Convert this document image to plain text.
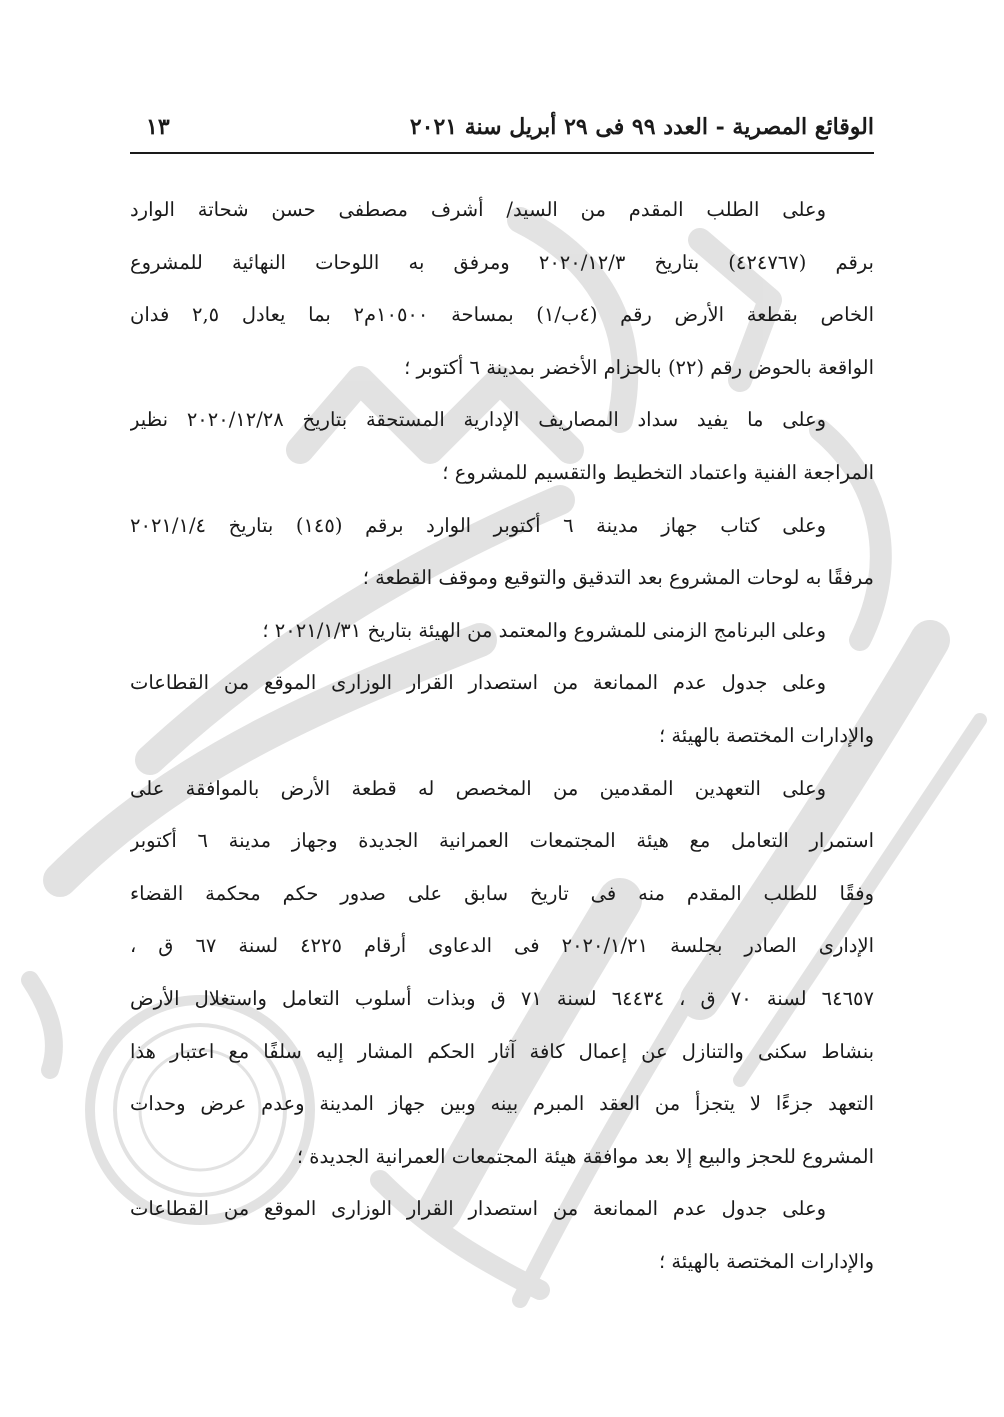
الوقائع المصرية - العدد ٩٩ فى ٢٩ أبريل سنة ٢٠٢١
١٣
وعلى الطلب المقدم من السيد/ أشرف مصطفى حسن شحاتة الوارد
برقم (٤٢٤٧٦٧) بتاريخ ٢٠٢٠/١٢/٣ ومرفق به اللوحات النهائية للمشروع
الخاص بقطعة الأرض رقم (٤ب/١) بمساحة ١٠٥٠٠م٢ بما يعادل ٢,٥ فدان
الواقعة بالحوض رقم (٢٢) بالحزام الأخضر بمدينة ٦ أكتوبر ؛
وعلى ما يفيد سداد المصاريف الإدارية المستحقة بتاريخ ٢٠٢٠/١٢/٢٨ نظير
المراجعة الفنية واعتماد التخطيط والتقسيم للمشروع ؛
وعلى كتاب جهاز مدينة ٦ أكتوبر الوارد برقم (١٤٥) بتاريخ ٢٠٢١/١/٤
مرفقًا به لوحات المشروع بعد التدقيق والتوقيع وموقف القطعة ؛
وعلى البرنامج الزمنى للمشروع والمعتمد من الهيئة بتاريخ ٢٠٢١/١/٣١ ؛
وعلى جدول عدم الممانعة من استصدار القرار الوزارى الموقع من القطاعات
والإدارات المختصة بالهيئة ؛
وعلى التعهدين المقدمين من المخصص له قطعة الأرض بالموافقة على
استمرار التعامل مع هيئة المجتمعات العمرانية الجديدة وجهاز مدينة ٦ أكتوبر
وفقًا للطلب المقدم منه فى تاريخ سابق على صدور حكم محكمة القضاء
الإدارى الصادر بجلسة ٢٠٢٠/١/٢١ فى الدعاوى أرقام ٤٢٢٥ لسنة ٦٧ ق ،
٦٤٦٥٧ لسنة ٧٠ ق ، ٦٤٤٣٤ لسنة ٧١ ق وبذات أسلوب التعامل واستغلال الأرض
بنشاط سكنى والتنازل عن إعمال كافة آثار الحكم المشار إليه سلفًا مع اعتبار هذا
التعهد جزءًا لا يتجزأ من العقد المبرم بينه وبين جهاز المدينة وعدم عرض وحدات
المشروع للحجز والبيع إلا بعد موافقة هيئة المجتمعات العمرانية الجديدة ؛
وعلى جدول عدم الممانعة من استصدار القرار الوزارى الموقع من القطاعات
والإدارات المختصة بالهيئة ؛
